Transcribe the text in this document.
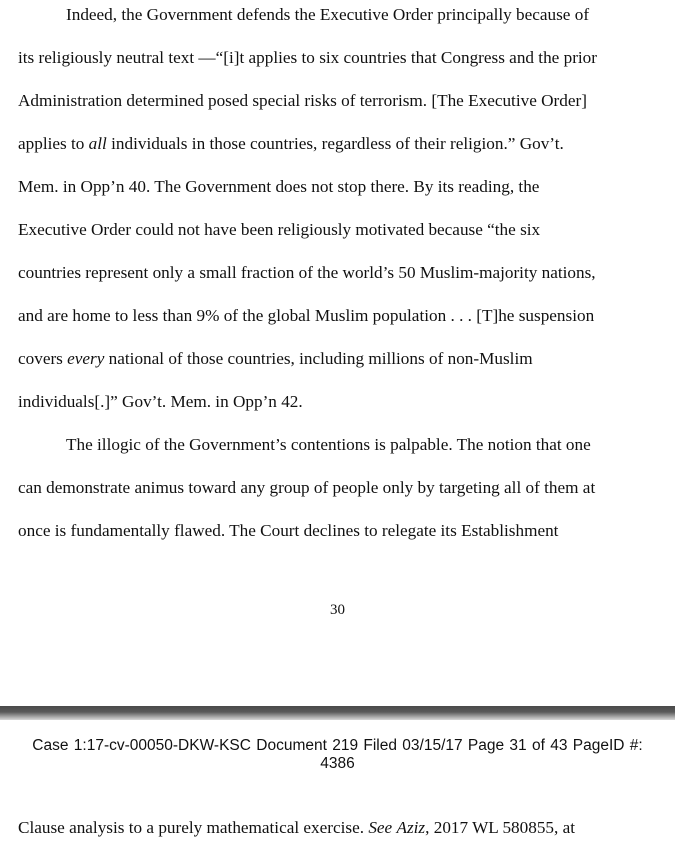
Indeed, the Government defends the Executive Order principally because of
its religiously neutral text —“[i]t applies to six countries that Congress and the prior
Administration determined posed special risks of terrorism. [The Executive Order]
applies to all individuals in those countries, regardless of their religion.” Gov’t.
Mem. in Opp’n 40. The Government does not stop there. By its reading, the
Executive Order could not have been religiously motivated because “the six
countries represent only a small fraction of the world’s 50 Muslim-majority nations,
and are home to less than 9% of the global Muslim population . . . [T]he suspension
covers every national of those countries, including millions of non-Muslim
individuals[.]” Gov’t. Mem. in Opp’n 42.
The illogic of the Government’s contentions is palpable. The notion that one
can demonstrate animus toward any group of people only by targeting all of them at
once is fundamentally flawed. The Court declines to relegate its Establishment
30
Case 1:17-cv-00050-DKW-KSC Document 219 Filed 03/15/17 Page 31 of 43 PageID #:
4386
Clause analysis to a purely mathematical exercise. See Aziz, 2017 WL 580855, at
